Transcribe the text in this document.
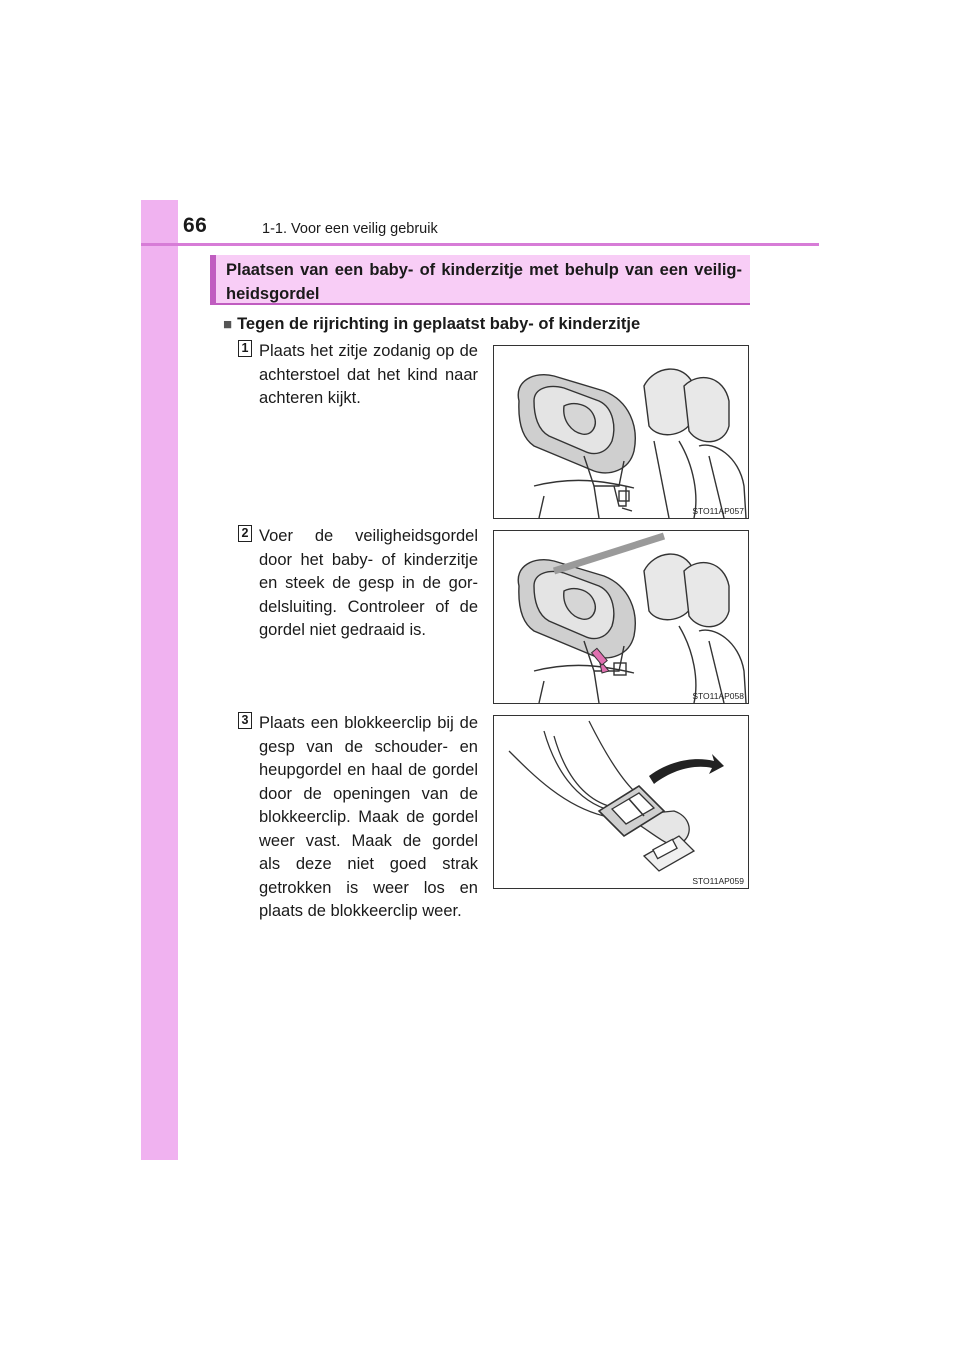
66	1-1. Voor een veilig gebruik
Plaatsen van een baby- of kinderzitje met behulp van een veilig-heidsgordel
■ Tegen de rijrichting in geplaatst baby- of kinderzitje
1 Plaats het zitje zodanig op de achterstoel dat het kind naar achteren kijkt.
STO11AP057
2 Voer de veiligheidsgordel door het baby- of kinderzitje en steek de gesp in de gor-delsluiting. Controleer of de gordel niet gedraaid is.
STO11AP058
3 Plaats een blokkeerclip bij de gesp van de schouder- en heupgordel en haal de gordel door de openingen van de blokkeerclip. Maak de gordel weer vast. Maak de gordel als deze niet goed strak getrokken is weer los en plaats de blokkeerclip weer.
STO11AP059
